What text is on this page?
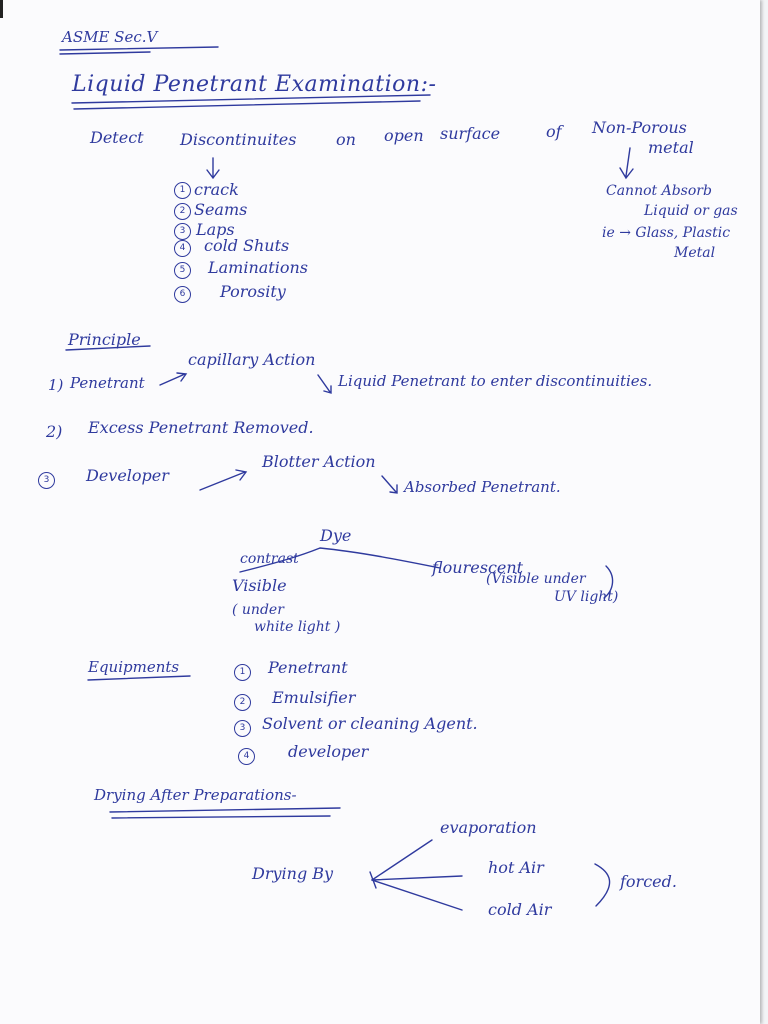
ASME Sec.V
Liquid Penetrant Examination:-
Detect Discontinuites on open surface	of Non-Porous
metal
Cannot Absorb
Liquid or gas
ie → Glass, Plastic
Metal
1 crack
2 Seams
3 Laps
4	cold Shuts
5	Laminations
6	Porosity
Principle
1) Penetrant
capillary Action
Liquid Penetrant to enter discontinuities.
2) Excess Penetrant Removed.
3	Developer
Blotter Action
Absorbed Penetrant.
Dye
contrast
Visible
( under
white light )
flourescent
(Visible under
UV light)
Equipments	1	Penetrant
2	Emulsifier
3	Solvent or cleaning Agent.
4	developer
Drying After Preparations-
Drying By
evaporation
hot Air
cold Air
forced.
